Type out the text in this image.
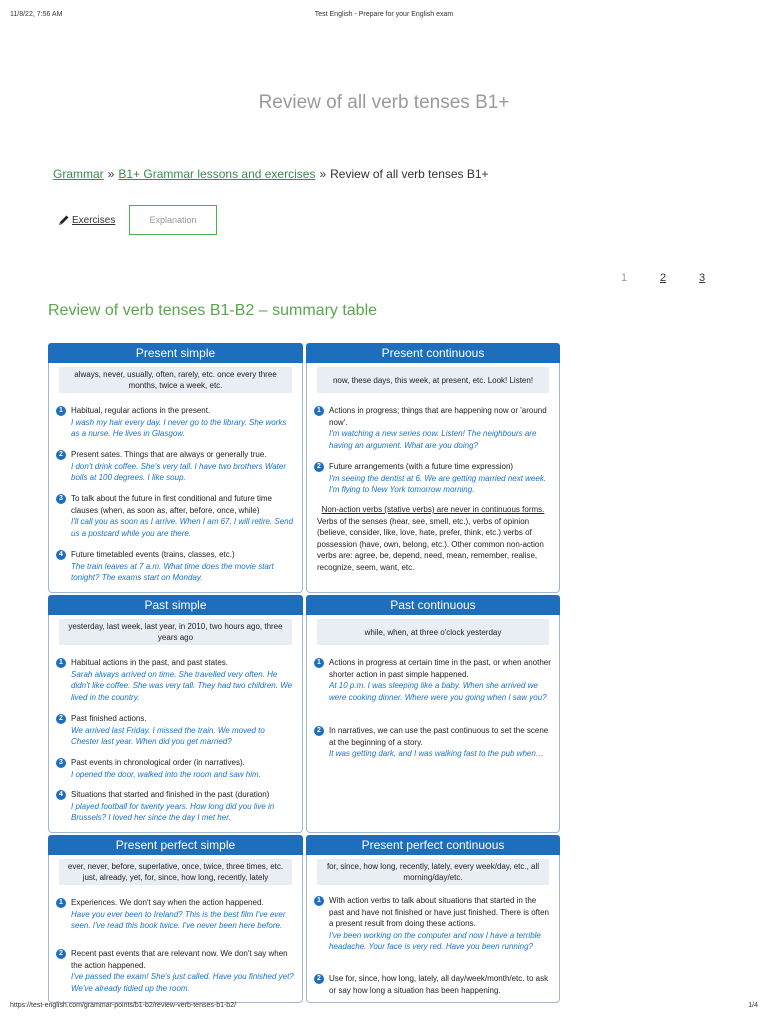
11/8/22, 7:56 AM	Test English - Prepare for your English exam
Review of all verb tenses B1+
Grammar » B1+ Grammar lessons and exercises » Review of all verb tenses B1+
Exercises	Explanation
1	2	3
Review of verb tenses B1-B2 – summary table
Present simple
always, never, usually, often, rarely, etc. once every three months, twice a week, etc.
1	Habitual, regular actions in the present.
I wash my hair every day. I never go to the library. She works as a nurse. He lives in Glasgow.
2	Present sates. Things that are always or generally true.
I don't drink coffee. She's very tall. I have two brothers Water boils at 100 degrees. I like soup.
3	To talk about the future in first conditional and future time clauses (when, as soon as, after, before, once, while)
I'll call you as soon as I arrive. When I am 67, I will retire. Send us a postcard while you are there.
4	Future timetabled events (trains, classes, etc.)
The train leaves at 7 a.m. What time does the movie start tonight? The exams start on Monday.
Present continuous
now, these days, this week, at present, etc. Look! Listen!
1	Actions in progress; things that are happening now or 'around now'.
I'm watching a new series now. Listen! The neighbours are having an argument. What are you doing?
2	Future arrangements (with a future time expression)
I'm seeing the dentist at 6. We are getting married next week. I'm flying to New York tomorrow morning.
Non-action verbs (stative verbs) are never in continuous forms.
Verbs of the senses (hear, see, smell, etc.), verbs of opinion (believe, consider, like, love, hate, prefer, think, etc.) verbs of possession (have, own, belong, etc.). Other common non-action verbs are: agree, be, depend, need, mean, remember, realise, recognize, seem, want, etc.
Past simple
yesterday, last week, last year, in 2010, two hours ago, three years ago
1	Habitual actions in the past, and past states.
Sarah always arrived on time. She travelled very often. He didn't like coffee. She was very tall. They had two children. We lived in the country.
2	Past finished actions.
We arrived last Friday. I missed the train. We moved to Chester last year. When did you get married?
3	Past events in chronological order (in narratives).
I opened the door, walked into the room and saw him.
4	Situations that started and finished in the past (duration)
I played football for twenty years. How long did you live in Brussels? I loved her since the day I met her.
Past continuous
while, when, at three o'clock yesterday
1	Actions in progress at certain time in the past, or when another shorter action in past simple happened.
At 10 p.m. I was sleeping like a baby. When she arrived we were cooking dinner. Where were you going when I saw you?
2	In narratives, we can use the past continuous to set the scene at the beginning of a story.
It was getting dark, and I was walking fast to the pub when…
Present perfect simple
ever, never, before, superlative, once, twice, three times, etc. just, already, yet, for, since, how long, recently, lately
1	Experiences. We don't say when the action happened.
Have you ever been to Ireland? This is the best film I've ever seen. I've read this book twice. I've never been here before.
2	Recent past events that are relevant now. We don't say when the action happened.
I've passed the exam! She's just called. Have you finished yet? We've already tidied up the room.
Present perfect continuous
for, since, how long, recently, lately, every week/day, etc., all morning/day/etc.
1	With action verbs to talk about situations that started in the past and have not finished or have just finished. There is often a present result from doing these actions.
I've been working on the computer and now I have a terrible headache. Your face is very red. Have you been running?
2	Use for, since, how long, lately, all day/week/month/etc. to ask or say how long a situation has been happening.
https://test-english.com/grammar-points/b1-b2/review-verb-tenses-b1-b2/	1/4
